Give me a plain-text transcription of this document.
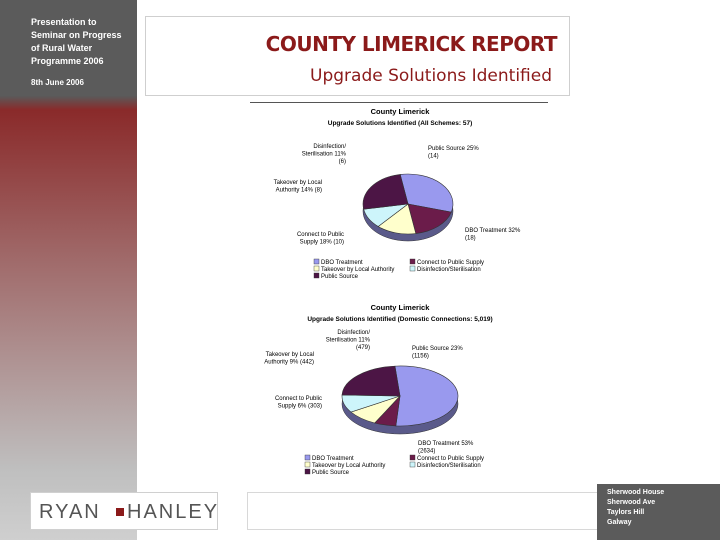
Presentation to
Seminar on Progress
of Rural Water
Programme 2006
8th June 2006
COUNTY LIMERICK REPORT
Upgrade Solutions Identified
County Limerick
Upgrade Solutions Identified (All Schemes: 57)
DBO Treatment 32% (18)
Connect to Public Supply 18% (10)
Takeover by Local Authority 14% (8)
Disinfection/ Sterilisation 11% (6)
Public Source 25% (14)
DBO Treatment	Connect to Public Supply
Takeover by Local Authority	Disinfection/Sterilisation
Public Source
County Limerick
Upgrade Solutions Identified (Domestic Connections: 5,019)
DBO Treatment 53% (2634)
Connect to Public Supply 6% (303)
Takeover by Local Authority 9% (442)
Disinfection/ Sterilisation 11% (479)	Public Source 23% (1156)
DBO Treatment	Connect to Public Supply
Takeover by Local Authority	Disinfection/Sterilisation
Public Source
RYAN HANLEY
Sherwood House
Sherwood Ave
Taylors Hill
Galway
